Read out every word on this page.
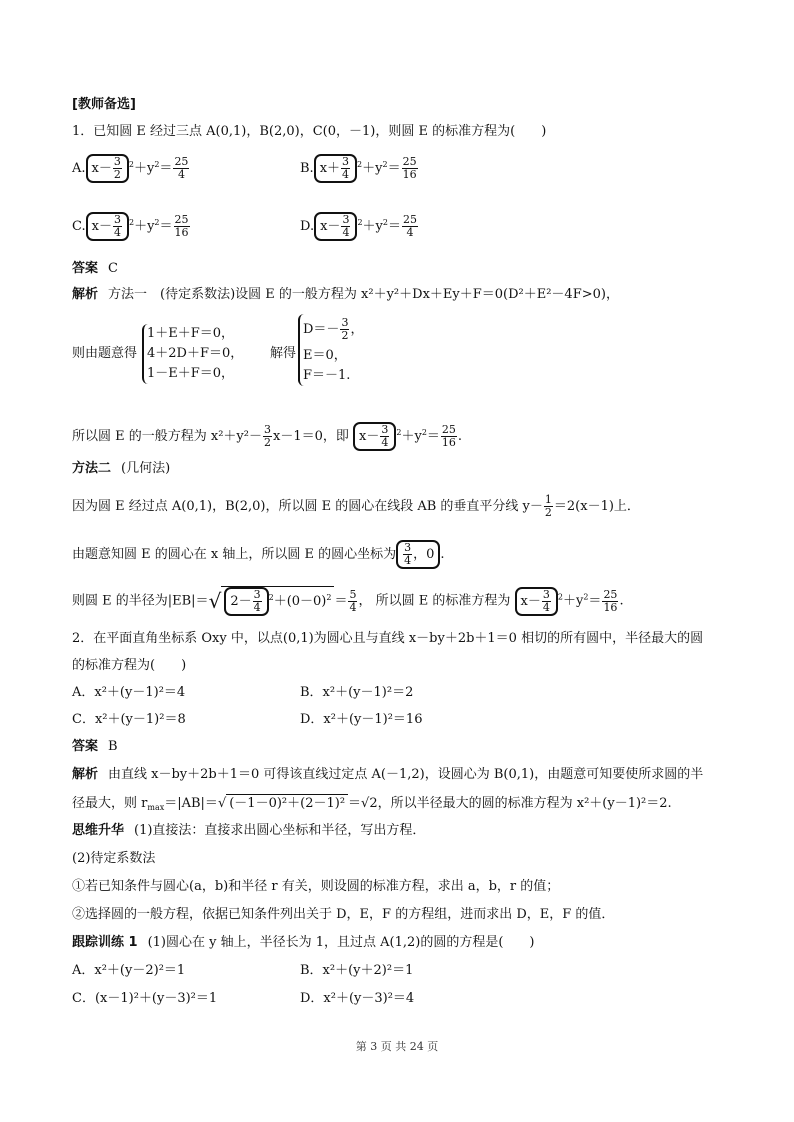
[教师备选]
1．已知圆 E 经过三点 A(0,1)，B(2,0)，C(0，－1)，则圆 E 的标准方程为(　　)
A. $x- \frac{3}{2} ^2+y^2= \frac{25}{4}$	B. $x+ \frac{3}{4} ^2+y^2= \frac{25}{16}$
C. $x- \frac{3}{4} ^2+y^2= \frac{25}{16}$	D. $x- \frac{3}{4} ^2+y^2= \frac{25}{4}$
答案 C
解析 方法一　(待定系数法)设圆 E 的一般方程为 x²＋y²＋Dx＋Ey＋F＝0(D²＋E²－4F>0)，
则由题意得
1＋E＋F＝0，
4＋2D＋F＝0，
1－E＋F＝0，
解得
$D=- \frac{3}{2}$ ，
E＝0，
F＝－1.
所以圆 E 的一般方程为 $x^2+y^2- \frac{3}{2} x-1=0$，即 $x- \frac{3}{4} ^2+y^2= \frac{25}{16}$ .
方法二 (几何法)
因为圆 E 经过点 A(0,1)，B(2,0)，所以圆 E 的圆心在线段 AB 的垂直平分线 $y- \frac{1}{2} =2(x-1)$上．
由题意知圆 E 的圆心在 x 轴上，所以圆 E 的圆心坐标为 $\frac{3}{4}$ ，0 .
则圆 E 的半径为|EB|＝√ $2- \frac{3}{4} ^2+(0-0)^2 = \frac{5}{4}$ ， 所以圆 E 的标准方程为 $x- \frac{3}{4} ^2+y^2= \frac{25}{16}$ .
2．在平面直角坐标系 Oxy 中，以点(0,1)为圆心且与直线 x－by＋2b＋1＝0 相切的所有圆中，半径最大的圆
的标准方程为(　　)
A．x²＋(y－1)²＝4	B．x²＋(y－1)²＝2
C．x²＋(y－1)²＝8	D．x²＋(y－1)²＝16
答案 B
解析 由直线 x－by＋2b＋1＝0 可得该直线过定点 A(－1,2)，设圆心为 B(0,1)，由题意可知要使所求圆的半
径最大，则 $r_{max}=|AB|=√$ (－1－0)²＋(2－1)² ＝√2，所以半径最大的圆的标准方程为 x²＋(y－1)²＝2.
思维升华 (1)直接法：直接求出圆心坐标和半径，写出方程．
(2)待定系数法
①若已知条件与圆心(a，b)和半径 r 有关，则设圆的标准方程，求出 a，b，r 的值；
②选择圆的一般方程，依据已知条件列出关于 D，E，F 的方程组，进而求出 D，E，F 的值．
跟踪训练 1 (1)圆心在 y 轴上，半径长为 1，且过点 A(1,2)的圆的方程是(　　)
A．x²＋(y－2)²＝1	B．x²＋(y＋2)²＝1
C．(x－1)²＋(y－3)²＝1	D．x²＋(y－3)²＝4
第 3 页 共 24 页
